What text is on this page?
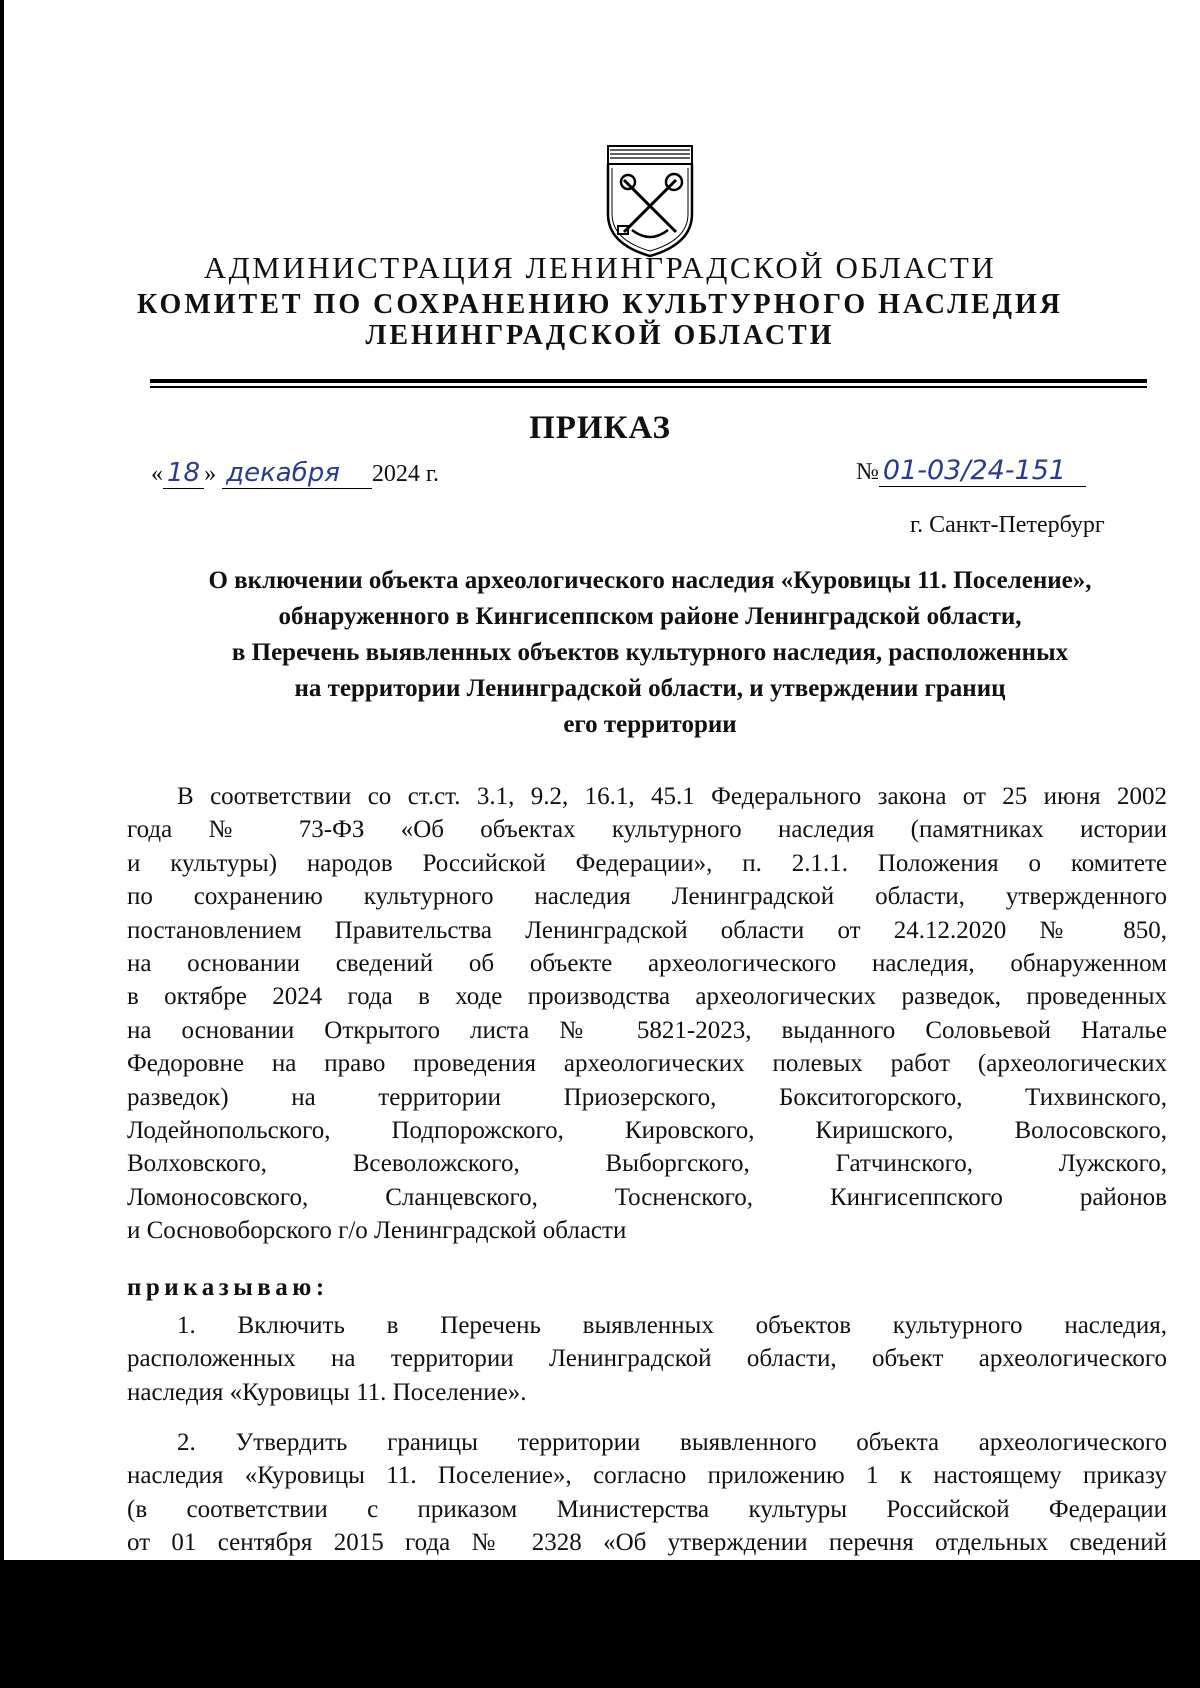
АДМИНИСТРАЦИЯ ЛЕНИНГРАДСКОЙ ОБЛАСТИ
КОМИТЕТ ПО СОХРАНЕНИЮ КУЛЬТУРНОГО НАСЛЕДИЯ
ЛЕНИНГРАДСКОЙ ОБЛАСТИ
ПРИКАЗ
« 18 » декабря 2024 г.	№ 01-03/24-151
г. Санкт-Петербург
О включении объекта археологического наследия «Куровицы 11. Поселение»,
обнаруженного в Кингисеппском районе Ленинградской области,
в Перечень выявленных объектов культурного наследия, расположенных
на территории Ленинградской области, и утверждении границ
его территории
В соответствии со ст.ст. 3.1, 9.2, 16.1, 45.1 Федерального закона от 25 июня 2002
года № 73-ФЗ «Об объектах культурного наследия (памятниках истории
и культуры) народов Российской Федерации», п. 2.1.1. Положения о комитете
по сохранению культурного наследия Ленинградской области, утвержденного
постановлением Правительства Ленинградской области от 24.12.2020 № 850,
на основании сведений об объекте археологического наследия, обнаруженном
в октябре 2024 года в ходе производства археологических разведок, проведенных
на основании Открытого листа № 5821-2023, выданного Соловьевой Наталье
Федоровне на право проведения археологических полевых работ (археологических
разведок) на территории Приозерского, Бокситогорского, Тихвинского,
Лодейнопольского, Подпорожского, Кировского, Киришского, Волосовского,
Волховского, Всеволожского, Выборгского, Гатчинского, Лужского,
Ломоносовского, Сланцевского, Тосненского, Кингисеппского районов
и Сосновоборского г/о Ленинградской области
приказываю:
1. Включить в Перечень выявленных объектов культурного наследия,
расположенных на территории Ленинградской области, объект археологического
наследия «Куровицы 11. Поселение».
2. Утвердить границы территории выявленного объекта археологического
наследия «Куровицы 11. Поселение», согласно приложению 1 к настоящему приказу
(в соответствии с приказом Министерства культуры Российской Федерации
от 01 сентября 2015 года № 2328 «Об утверждении перечня отдельных сведений
